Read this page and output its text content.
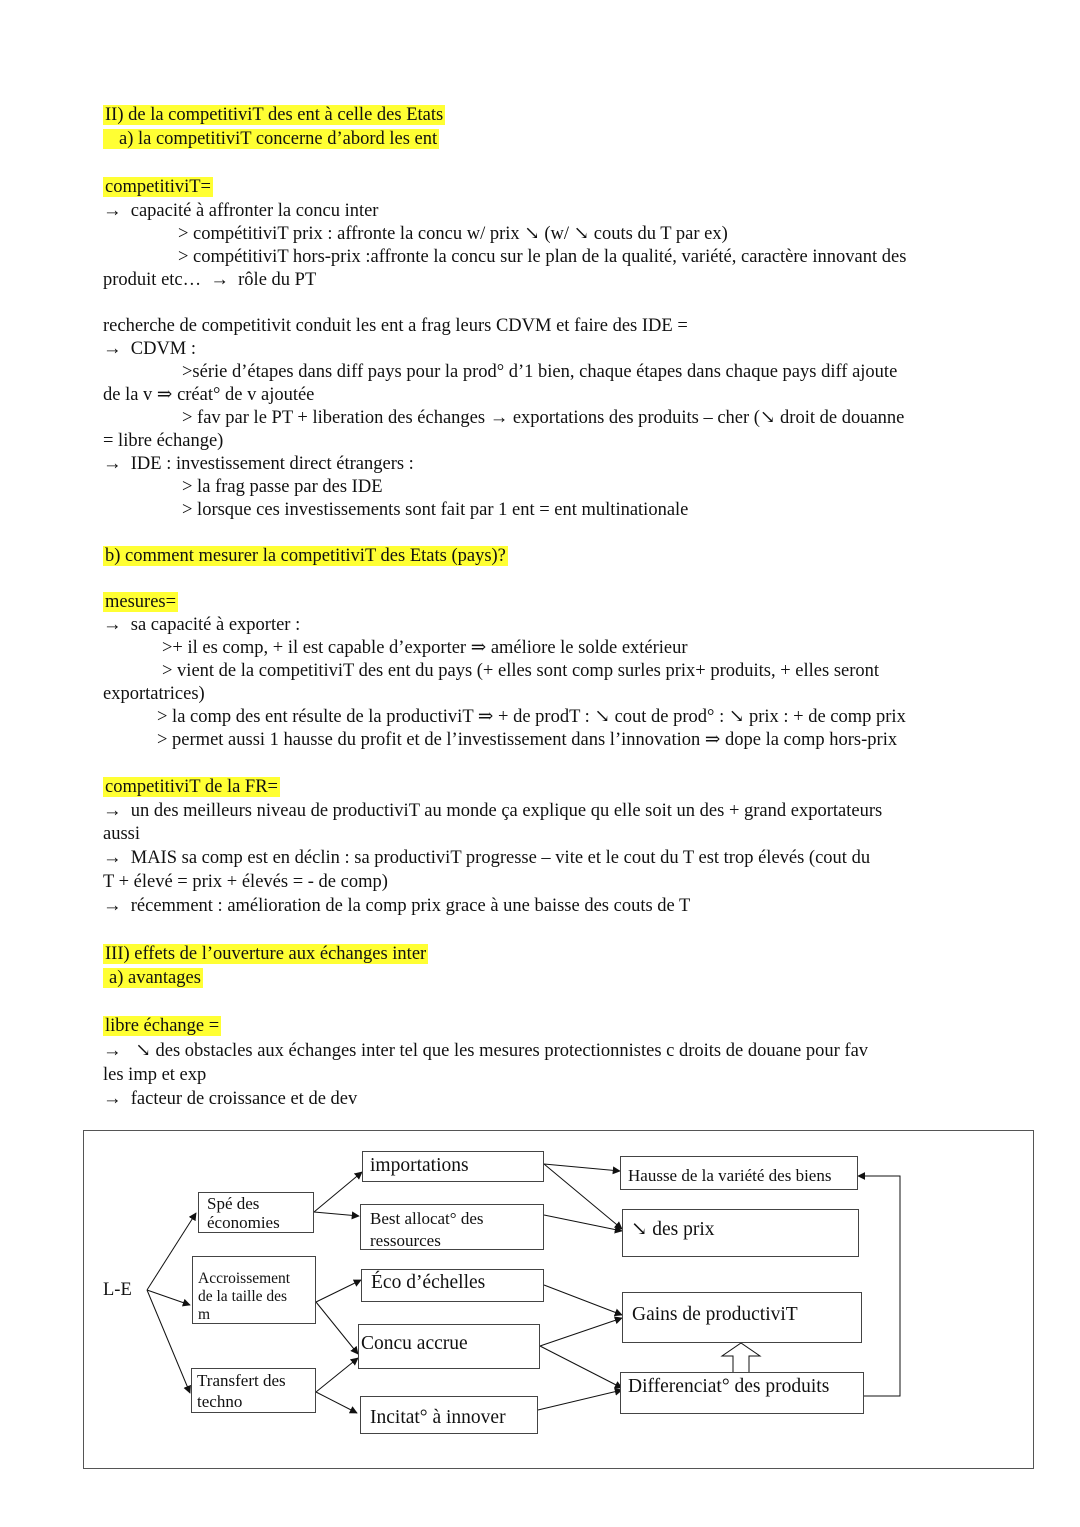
II) de la competitiviT des ent à celle des Etats
a) la competitiviT concerne d’abord les ent
competitiviT=
→ capacité à affronter la concu inter
> compétitiviT prix : affronte la concu w/ prix ↘ (w/ ↘ couts du T par ex)
> compétitiviT hors-prix :affronte la concu sur le plan de la qualité, variété, caractère innovant des
produit etc… → rôle du PT
recherche de competitivit conduit les ent a frag leurs CDVM et faire des IDE =
→ CDVM :
>série d’étapes dans diff pays pour la prod° d’1 bien, chaque étapes dans chaque pays diff ajoute
de la v ⇒ créat° de v ajoutée
> fav par le PT + liberation des échanges → exportations des produits – cher (↘ droit de douanne
= libre échange)
→ IDE : investissement direct étrangers :
> la frag passe par des IDE
> lorsque ces investissements sont fait par 1 ent = ent multinationale
b) comment mesurer la competitiviT des Etats (pays)?
mesures=
→ sa capacité à exporter :
>+ il es comp, + il est capable d’exporter ⇒ améliore le solde extérieur
> vient de la competitiviT des ent du pays (+ elles sont comp surles prix+ produits, + elles seront
exportatrices)
> la comp des ent résulte de la productiviT ⇒ + de prodT : ↘ cout de prod° : ↘ prix : + de comp prix
> permet aussi 1 hausse du profit et de l’investissement dans l’innovation ⇒ dope la comp hors-prix
competitiviT de la FR=
→ un des meilleurs niveau de productiviT au monde ça explique qu elle soit un des + grand exportateurs
aussi
→ MAIS sa comp est en déclin : sa productiviT progresse – vite et le cout du T est trop élevés (cout du
T + élevé = prix + élevés = - de comp)
→ récemment : amélioration de la comp prix grace à une baisse des couts de T
III) effets de l’ouverture aux échanges inter
a) avantages
libre échange =
→ ↘ des obstacles aux échanges inter tel que les mesures protectionnistes c droits de douane pour fav
les imp et exp
→ facteur de croissance et de dev
L-E
Spé des
économies
Accroissement
de la taille des
m
Transfert des
techno
importations
Best allocat° des
ressources
Éco d’échelles
Concu accrue
Incitat° à innover
Hausse de la variété des biens
↘ des prix
Gains de productiviT
Differenciat° des produits
